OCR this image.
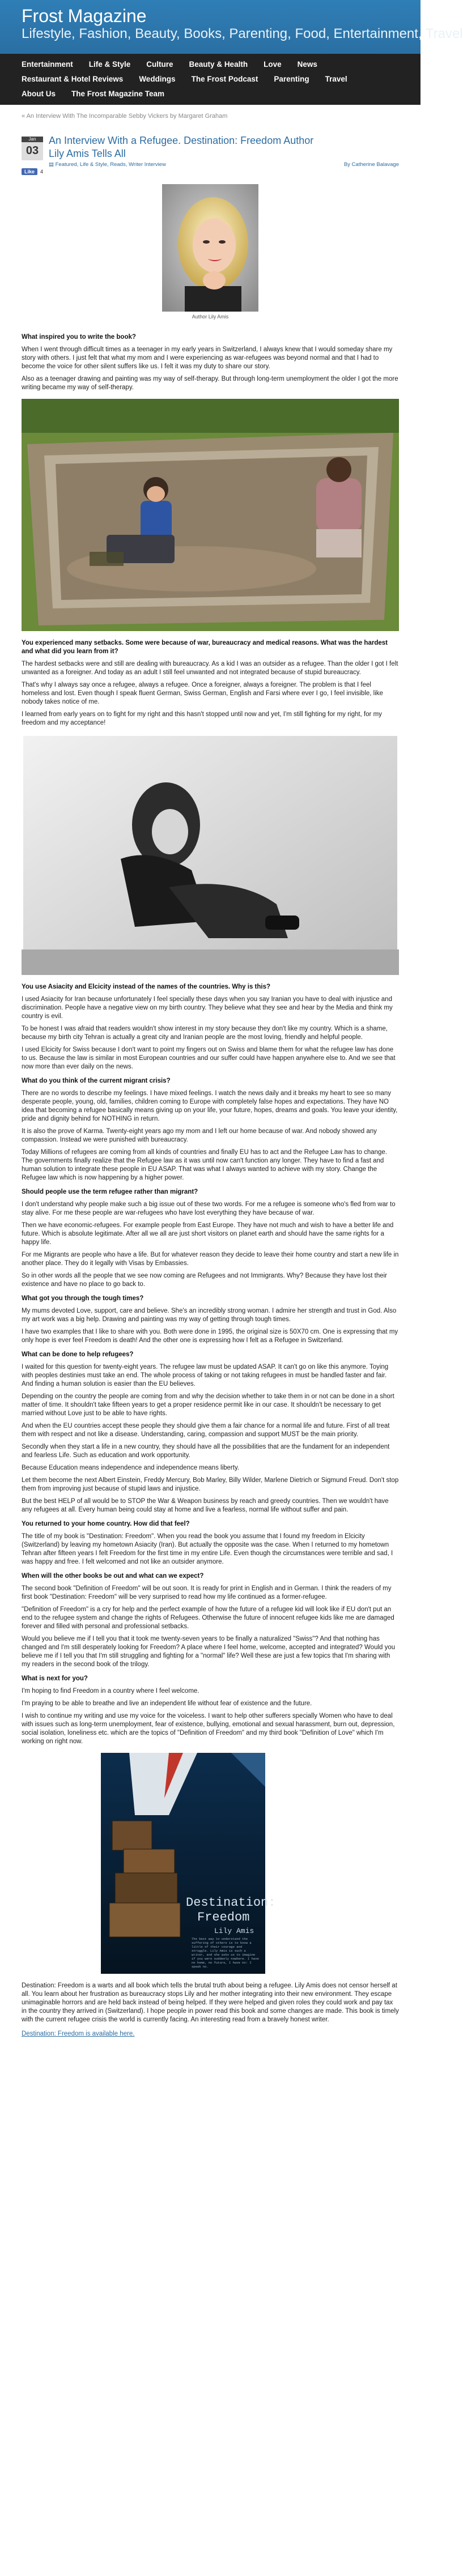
Frost Magazine
Lifestyle, Fashion, Beauty, Books, Parenting, Food, Entertainment, Travel
Entertainment Life & Style Culture Beauty & Health Love NewsRestaurant & Hotel Reviews Weddings The Frost Podcast Parenting TravelAbout Us The Frost Magazine Team
« An Interview With The Incomparable Sebby Vickers by Margaret Graham
Jan
03
An Interview With a Refugee. Destination: Freedom Author Lily Amis Tells All
▤ Featured, Life & Style, Reads, Writer Interview	By Catherine Balavage
Like 4
Author Lily Amis
What inspired you to write the book?

When I went through difficult times as a teenager in my early years in Switzerland, I always knew that I would someday share my story with others. I just felt that what my mom and I were experiencing as war-refugees was beyond normal and that I had to become the voice for other silent suffers like us. I felt it was my duty to share our story.

Also as a teenager drawing and painting was my way of self-therapy. But through long-term unemployment the older I got the more writing became my way of self-therapy.

You experienced many setbacks. Some were because of war, bureaucracy and medical reasons. What was the hardest and what did you learn from it?

The hardest setbacks were and still are dealing with bureaucracy. As a kid I was an outsider as a refugee. Than the older I got I felt unwanted as a foreigner. And today as an adult I still feel unwanted and not integrated because of stupid bureaucracy.

That's why I always say once a refugee, always a refugee. Once a foreigner, always a foreigner. The problem is that I feel homeless and lost. Even though I speak fluent German, Swiss German, English and Farsi where ever I go, I feel invisible, like nobody takes notice of me.

I learned from early years on to fight for my right and this hasn't stopped until now and yet, I'm still fighting for my right, for my freedom and my acceptance!

You use Asiacity and Elcicity instead of the names of the countries. Why is this?

I used Asiacity for Iran because unfortunately I feel specially these days when you say Iranian you have to deal with injustice and discrimination. People have a negative view on my birth country. They believe what they see and hear by the Media and think my country is evil.

To be honest I was afraid that readers wouldn't show interest in my story because they don't like my country. Which is a shame, because my birth city Tehran is actually a great city and Iranian people are the most loving, friendly and helpful people.

I used Elcicity for Swiss because I don't want to point my fingers out on Swiss and blame them for what the refugee law has done to us. Because the law is similar in most European countries and our suffer could have happen anywhere else to. And we see that now more than ever daily on the news.

What do you think of the current migrant crisis?

There are no words to describe my feelings. I have mixed feelings. I watch the news daily and it breaks my heart to see so many desperate people, young, old, families, children coming to Europe with completely false hopes and expectations. They have NO idea that becoming a refugee basically means giving up on your life, your future, hopes, dreams and goals. You leave your identity, pride and dignity behind for NOTHING in return.

It is also the prove of Karma. Twenty-eight years ago my mom and I left our home because of war. And nobody showed any compassion. Instead we were punished with bureaucracy.

Today Millions of refugees are coming from all kinds of countries and finally EU has to act and the Refugee Law has to change. The governments finally realize that the Refugee law as it was until now can't function any longer. They have to find a fast and human solution to integrate these people in EU ASAP. That was what I always wanted to achieve with my story. Change the Refugee law which is now happening by a higher power.

Should people use the term refugee rather than migrant?

I don't understand why people make such a big issue out of these two words. For me a refugee is someone who's fled from war to stay alive. For me these people are war-refugees who have lost everything they have because of war.

Then we have economic-refugees. For example people from East Europe. They have not much and wish to have a better life and future. Which is absolute legitimate. After all we all are just short visitors on planet earth and should have the same rights for a happy life.

For me Migrants are people who have a life. But for whatever reason they decide to leave their home country and start a new life in another place. They do it legally with Visas by Embassies.

So in other words all the people that we see now coming are Refugees and not Immigrants. Why? Because they have lost their existence and have no place to go back to.

What got you through the tough times?

My mums devoted Love, support, care and believe. She's an incredibly strong woman. I admire her strength and trust in God. Also my art work was a big help. Drawing and painting was my way of getting through tough times.

I have two examples that I like to share with you. Both were done in 1995, the original size is 50X70 cm. One is expressing that my only hope is ever feel Freedom is death! And the other one is expressing how I felt as a Refugee in Switzerland.

What can be done to help refugees?

I waited for this question for twenty-eight years. The refugee law must be updated ASAP. It can't go on like this anymore. Toying with peoples destinies must take an end. The whole process of taking or not taking refugees in must be handled faster and fair. And finding a human solution is easier than the EU believes.

Depending on the country the people are coming from and why the decision whether to take them in or not can be done in a short matter of time. It shouldn't take fifteen years to get a proper residence permit like in our case. It shouldn't be necessary to get married without Love just to be able to have rights.

And when the EU countries accept these people they should give them a fair chance for a normal life and future. First of all treat them with respect and not like a disease. Understanding, caring, compassion and support MUST be the main priority.

Secondly when they start a life in a new country, they should have all the possibilities that are the fundament for an independent and fearless Life. Such as education and work opportunity.

Because Education means independence and independence means liberty.

Let them become the next Albert Einstein, Freddy Mercury, Bob Marley, Billy Wilder, Marlene Dietrich or Sigmund Freud. Don't stop them from improving just because of stupid laws and injustice.

But the best HELP of all would be to STOP the War & Weapon business by reach and greedy countries. Then we wouldn't have any refugees at all. Every human being could stay at home and live a fearless, normal life without suffer and pain.

You returned to your home country. How did that feel?

The title of my book is "Destination: Freedom". When you read the book you assume that I found my freedom in Elcicity (Switzerland) by leaving my hometown Asiacity (Iran). But actually the opposite was the case. When I returned to my hometown Tehran after fifteen years I felt Freedom for the first time in my entire Life. Even though the circumstances were terrible and sad, I was happy and free. I felt welcomed and not like an outsider anymore.

When will the other books be out and what can we expect?

The second book "Definition of Freedom" will be out soon. It is ready for print in English and in German. I think the readers of my first book "Destination: Freedom" will be very surprised to read how my life continued as a former-refugee.

"Definition of Freedom" is a cry for help and the perfect example of how the future of a refugee kid will look like if EU don't put an end to the refugee system and change the rights of Refugees. Otherwise the future of innocent refugee kids like me are damaged forever and filled with personal and professional setbacks.

Would you believe me if I tell you that it took me twenty-seven years to be finally a naturalized "Swiss"? And that nothing has changed and I'm still desperately looking for Freedom? A place where I feel home, welcome, accepted and integrated? Would you believe me if I tell you that I'm still struggling and fighting for a "normal" life? Well these are just a few topics that I'm sharing with my readers in the second book of the trilogy.

What is next for you?

I'm hoping to find Freedom in a country where I feel welcome.

I'm praying to be able to breathe and live an independent life without fear of existence and the future.

I wish to continue my writing and use my voice for the voiceless. I want to help other sufferers specially Women who have to deal with issues such as long-term unemployment, fear of existence, bullying, emotional and sexual harassment, burn out, depression, social isolation, loneliness etc. which are the topics of "Definition of Freedom" and my third book "Definition of Love" which I'm working on right now.

Destination:
Freedom
Lily Amis
The best way to understand the suffering of others is to know a little of their courage and struggle. Lily Amis is such a writer, and she asks us to imagine if you were suddenly nowhere. I have no home, no future, I have no: I speak no.

Destination: Freedom is a warts and all book which tells the brutal truth about being a refugee. Lily Amis does not censor herself at all. You learn about her frustration as bureaucracy stops Lily and her mother integrating into their new environment. They escape unimaginable horrors and are held back instead of being helped. If they were helped and given roles they could work and pay tax in the country they arrived in (Switzerland). I hope people in power read this book and some changes are made. This book is timely with the current refugee crisis the world is currently facing. An interesting read from a bravely honest writer.

Destination: Freedom is available here.
